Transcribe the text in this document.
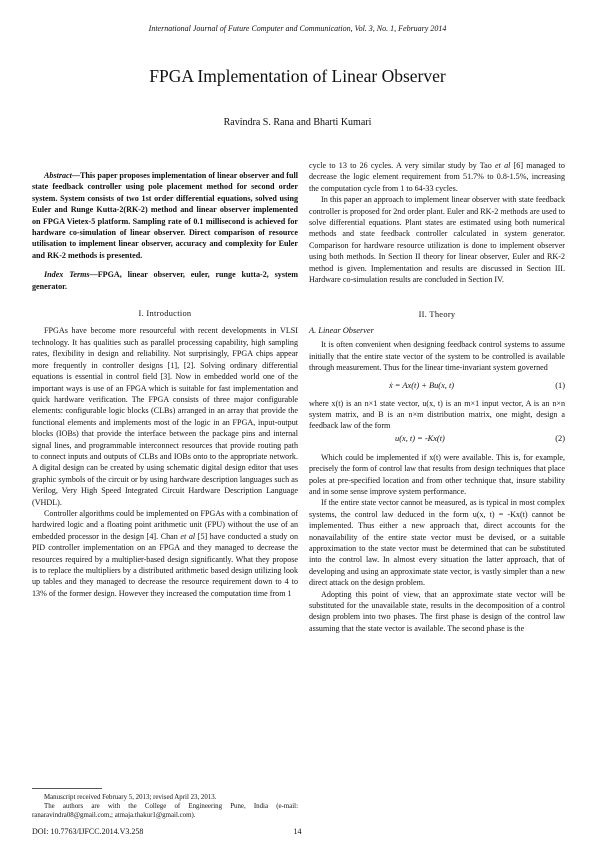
International Journal of Future Computer and Communication, Vol. 3, No. 1, February 2014
FPGA Implementation of Linear Observer
Ravindra S. Rana and Bharti Kumari

Abstract—This paper proposes implementation of linear observer and full state feedback controller using pole placement method for second order system. System consists of two 1st order differential equations, solved using Euler and Runge Kutta-2(RK-2) method and linear observer implemented on FPGA Vietex-5 platform. Sampling rate of 0.1 millisecond is achieved for hardware co-simulation of linear observer. Direct comparison of resource utilisation to implement linear observer, accuracy and complexity for Euler and RK-2 methods is presented.

Index Terms—FPGA, linear observer, euler, runge kutta-2, system generator.

I. Introduction

FPGAs have become more resourceful with recent developments in VLSI technology. It has qualities such as parallel processing capability, high sampling rates, flexibility in design and reliability. Not surprisingly, FPGA chips appear more frequently in controller designs [1], [2]. Solving ordinary differential equations is essential in control field [3]. Now in embedded world one of the important ways is use of an FPGA which is suitable for fast implementation and quick hardware verification. The FPGA consists of three major configurable elements: configurable logic blocks (CLBs) arranged in an array that provide the functional elements and implements most of the logic in an FPGA, input-output blocks (IOBs) that provide the interface between the package pins and internal signal lines, and programmable interconnect resources that provide routing path to connect inputs and outputs of CLBs and IOBs onto to the appropriate network. A digital design can be created by using schematic digital design editor that uses graphic symbols of the circuit or by using hardware description languages such as Verilog, Very High Speed Integrated Circuit Hardware Description Language (VHDL).

Controller algorithms could be implemented on FPGAs with a combination of hardwired logic and a floating point arithmetic unit (FPU) without the use of an embedded processor in the design [4]. Chan et al [5] have conducted a study on PID controller implementation on an FPGA and they managed to decrease the resources required by a multiplier-based design significantly. What they propose is to replace the multipliers by a distributed arithmetic based design utilizing look up tables and they managed to decrease the resource requirement down to 4 to 13% of the former design. However they increased the computation time from 1

cycle to 13 to 26 cycles. A very similar study by Tao et al [6] managed to decrease the logic element requirement from 51.7% to 0.8-1.5%, increasing the computation cycle from 1 to 64-33 cycles.

In this paper an approach to implement linear observer with state feedback controller is proposed for 2nd order plant. Euler and RK-2 methods are used to solve differential equations. Plant states are estimated using both numerical methods and state feedback controller calculated in system generator. Comparison for hardware resource utilization is done to implement observer using both methods. In Section II theory for linear observer, Euler and RK-2 method is given. Implementation and results are discussed in Section III. Hardware co-simulation results are concluded in Section IV.

II. Theory
A. Linear Observer

It is often convenient when designing feedback control systems to assume initially that the entire state vector of the system to be controlled is available through measurement. Thus for the linear time-invariant system governed

ẋ = Ax(t) + Bu(x, t)	(1)

where x(t) is an n×1 state vector, u(x, t) is an m×1 input vector, A is an n×n system matrix, and B is an n×m distribution matrix, one might, design a feedback law of the form

u(x, t) = -Kx(t)	(2)

Which could be implemented if x(t) were available. This is, for example, precisely the form of control law that results from design techniques that place poles at pre-specified location and from other technique that, insure stability and in some sense improve system performance.

If the entire state vector cannot be measured, as is typical in most complex systems, the control law deduced in the form u(x, t) = -Kx(t) cannot be implemented. Thus either a new approach that, direct accounts for the nonavailability of the entire state vector must be devised, or a suitable approximation to the state vector must be determined that can be substituted into the control law. In almost every situation the latter approach, that of developing and using an approximate state vector, is vastly simpler than a new direct attack on the design problem.

Adopting this point of view, that an approximate state vector will be substituted for the unavailable state, results in the decomposition of a control design problem into two phases. The first phase is design of the control law assuming that the state vector is available. The second phase is the

Manuscript received February 5, 2013; revised April 23, 2013.

The authors are with the College of Engineering Pune, India (e-mail: ranaravindra08@gmail.com,; atmaja.thakur1@gmail.com).

DOI: 10.7763/IJFCC.2014.V3.258	14
